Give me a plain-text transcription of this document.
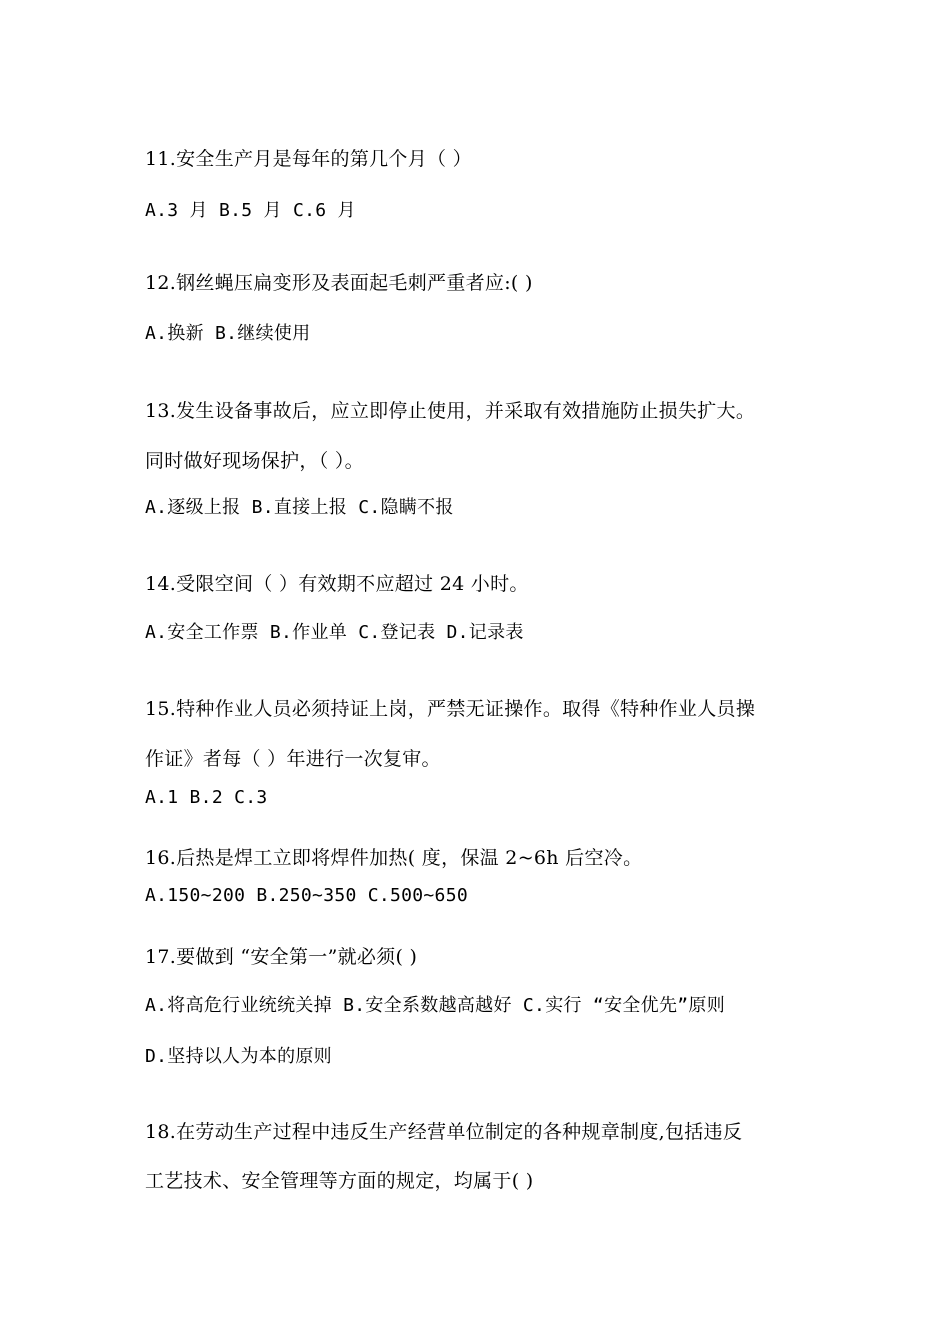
11.安全生产月是每年的第几个月（ ）
A.3 月 B.5 月 C.6 月
12.钢丝蝇压扁变形及表面起毛刺严重者应:( )
A.换新 B.继续使用
13.发生设备事故后，应立即停止使用，并采取有效措施防止损失扩大。
同时做好现场保护，（ ）。
A.逐级上报 B.直接上报 C.隐瞒不报
14.受限空间（ ）有效期不应超过 24 小时。
A.安全工作票 B.作业单 C.登记表 D.记录表
15.特种作业人员必须持证上岗，严禁无证操作。取得《特种作业人员操
作证》者每（ ）年进行一次复审。
A.1 B.2 C.3
16.后热是焊工立即将焊件加热( 度，保温 2~6h 后空冷。
A.150~200 B.250~350 C.500~650
17.要做到 “安全第一”就必须( )
A.将高危行业统统关掉 B.安全系数越高越好 C.实行 “安全优先”原则
D.坚持以人为本的原则
18.在劳动生产过程中违反生产经营单位制定的各种规章制度,包括违反
工艺技术、安全管理等方面的规定，均属于( )
